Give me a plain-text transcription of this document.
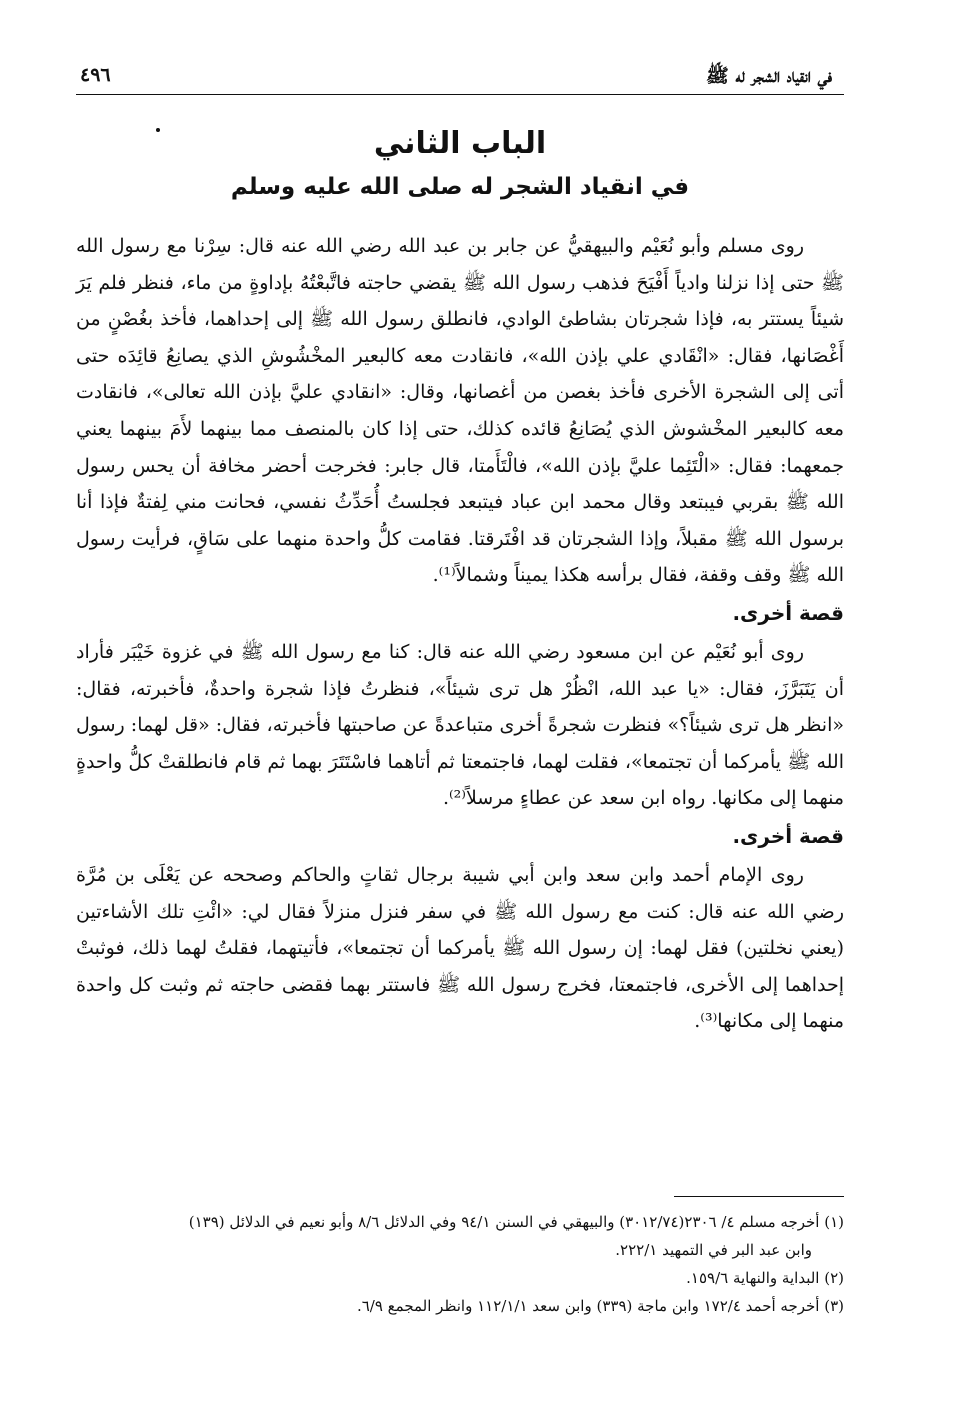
في انقياد الشجر له ﷺ
٤٩٦
الباب الثاني
في انقياد الشجر له صلى الله عليه وسلم

روى مسلم وأبو نُعَيْم والبيهقيُّ عن جابر بن عبد الله رضي الله عنه قال: سِرْنا مع رسول الله ﷺ حتى إذا نزلنا وادياً أَفْيَحَ فذهب رسول الله ﷺ يقضي حاجته فاتَّبعْتُهُ بإداوةٍ من ماء، فنظر فلم يَرَ شيئاً يستتر به، فإذا شجرتان بشاطئ الوادي، فانطلق رسول الله ﷺ إلى إحداهما، فأخذ بغُصْنٍ من أَغْصَانها، فقال: «انْقَادي علي بإذن الله»، فانقادت معه كالبعير المخْشُوشِ الذي يصانِعُ قائِدَه حتى أتى إلى الشجرة الأخرى فأخذ بغصن من أغصانها، وقال: «انقادي عليَّ بإذن الله تعالى»، فانقادت معه كالبعير المخْشوش الذي يُصَانِعُ قائده كذلك، حتى إذا كان بالمنصف مما بينهما لأَمَ بينهما يعني جمعهما: فقال: «الْتَئِما عليَّ بإذن الله»، فالْتَأَمتا، قال جابر: فخرجت أحضر مخافة أن يحس رسول الله ﷺ بقربي فيبتعد وقال محمد ابن عباد فيتبعد فجلستُ أُحَدِّثُ نفسي، فحانت مني لِفتةٌ فإذا أنا برسول الله ﷺ مقبلاً، وإذا الشجرتان قد افْتَرقتا. فقامت كلُّ واحدة منهما على سَاقٍ، فرأيت رسول الله ﷺ وقف وقفة، فقال برأسه هكذا يميناً وشمالاً⁽¹⁾.

قصة أخرى.

روى أبو نُعَيْم عن ابن مسعود رضي الله عنه قال: كنا مع رسول الله ﷺ في غزوة خَيْبَر فأراد أن يَتَبَرَّزَ، فقال: «يا عبد الله، انْظُرْ هل ترى شيئاً»، فنظرتُ فإذا شجرة واحدةٌ، فأخبرته، فقال: «انظر هل ترى شيئاً؟» فنظرت شجرةً أخرى متباعدةً عن صاحبتها فأخبرته، فقال: «قل لهما: رسول الله ﷺ يأمركما أن تجتمعا»، فقلت لهما، فاجتمعتا ثم أتاهما فاسْتَتَرَ بهما ثم قام فانطلقتْ كلُّ واحدةٍ منهما إلى مكانها. رواه ابن سعد عن عطاءٍ مرسلاً⁽²⁾.

قصة أخرى.

روى الإمام أحمد وابن سعد وابن أبي شيبة برجال ثقاتٍ والحاكم وصححه عن يَعْلَى بن مُرَّة رضي الله عنه قال: كنت مع رسول الله ﷺ في سفر فنزل منزلاً فقال لي: «ائْتِ تلك الأشاءتين (يعني نخلتين) فقل لهما: إن رسول الله ﷺ يأمركما أن تجتمعا»، فأتيتهما، فقلتُ لهما ذلك، فوثبتْ إحداهما إلى الأخرى، فاجتمعتا، فخرج رسول الله ﷺ فاستتر بهما فقضى حاجته ثم وثبت كل واحدة منهما إلى مكانها⁽³⁾.

(١) أخرجه مسلم ٤/ ٢٣٠٦(٣٠١٢/٧٤) والبيهقي في السنن ٩٤/١ وفي الدلائل ٨/٦ وأبو نعيم في الدلائل (١٣٩)

وابن عبد البر في التمهيد ٢٢٢/١.

(٢) البداية والنهاية ١٥٩/٦.

(٣) أخرجه أحمد ١٧٢/٤ وابن ماجة (٣٣٩) وابن سعد ١١٢/١/١ وانظر المجمع ٦/٩.
